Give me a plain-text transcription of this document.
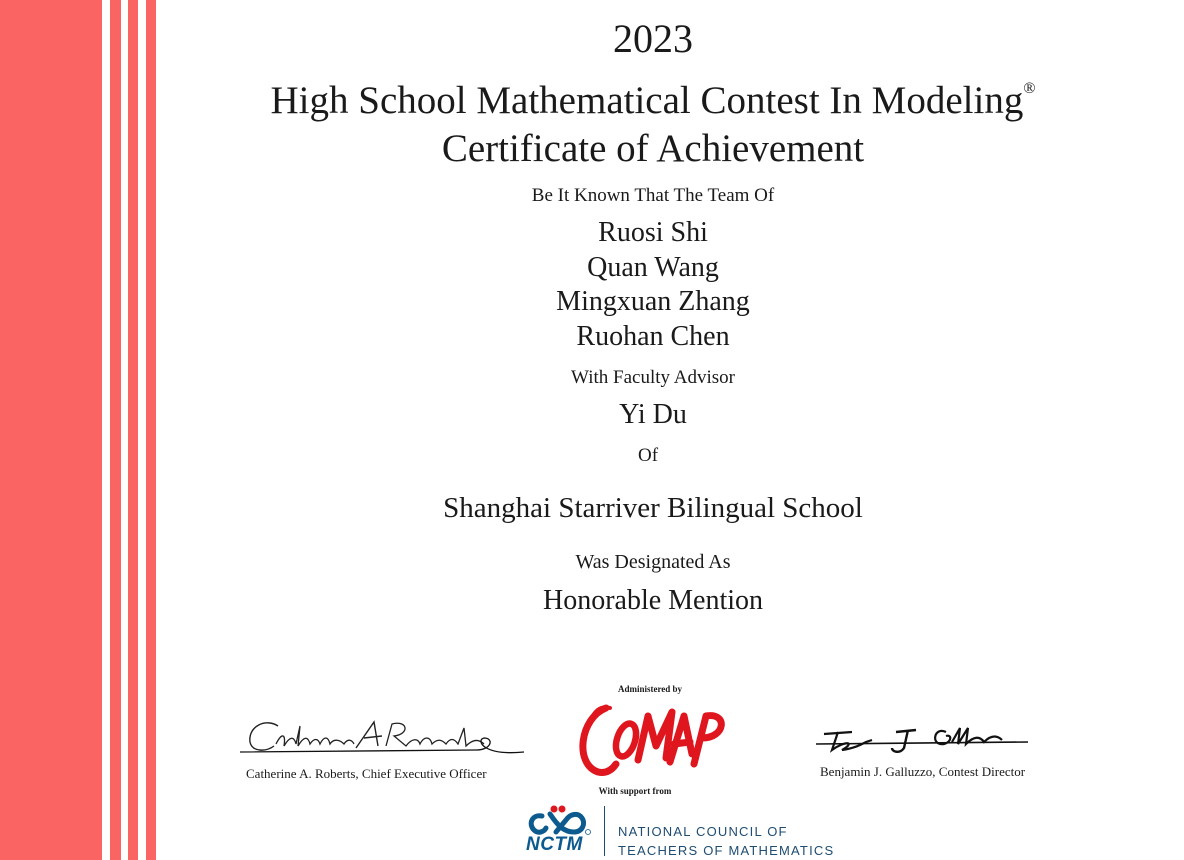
2023
High School Mathematical Contest In Modeling®
Certificate of Achievement
Be It Known That The Team Of
Ruosi Shi
Quan Wang
Mingxuan Zhang
Ruohan Chen
With Faculty Advisor
Yi Du
Of
Shanghai Starriver Bilingual School
Was Designated As
Honorable Mention
Catherine A. Roberts, Chief Executive Officer
Administered by
With support from
Benjamin J. Galluzzo, Contest Director
NCTM
NATIONAL COUNCIL OF
TEACHERS OF MATHEMATICS
